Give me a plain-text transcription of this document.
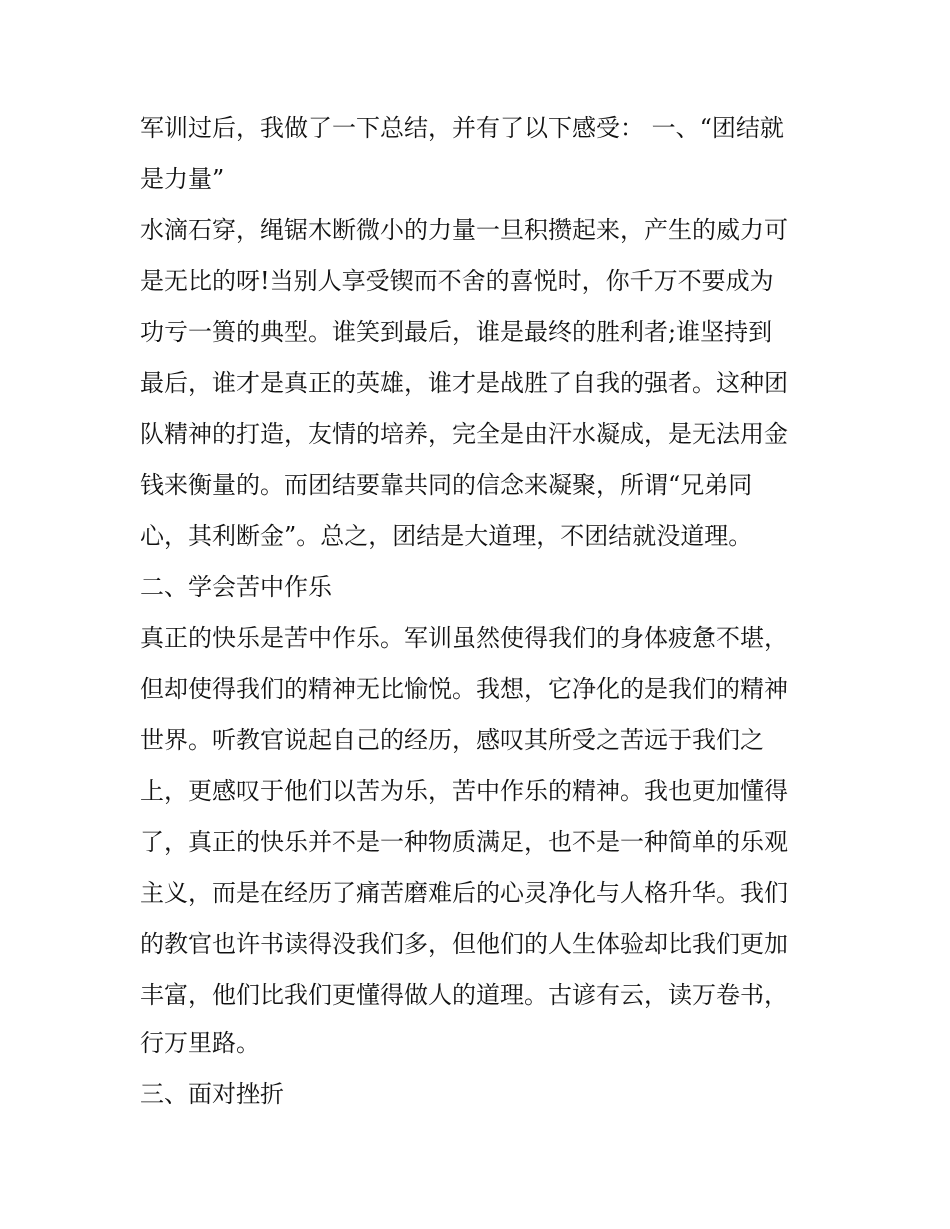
军训过后，我做了一下总结，并有了以下感受： 一、“团结就

是力量”

水滴石穿，绳锯木断微小的力量一旦积攒起来，产生的威力可

是无比的呀!当别人享受锲而不舍的喜悦时，你千万不要成为

功亏一篑的典型。谁笑到最后，谁是最终的胜利者;谁坚持到

最后，谁才是真正的英雄，谁才是战胜了自我的强者。这种团

队精神的打造，友情的培养，完全是由汗水凝成，是无法用金

钱来衡量的。而团结要靠共同的信念来凝聚，所谓“兄弟同

心，其利断金”。总之，团结是大道理，不团结就没道理。

二、学会苦中作乐

真正的快乐是苦中作乐。军训虽然使得我们的身体疲惫不堪，

但却使得我们的精神无比愉悦。我想，它净化的是我们的精神

世界。听教官说起自己的经历，感叹其所受之苦远于我们之

上，更感叹于他们以苦为乐，苦中作乐的精神。我也更加懂得

了，真正的快乐并不是一种物质满足，也不是一种简单的乐观

主义，而是在经历了痛苦磨难后的心灵净化与人格升华。我们

的教官也许书读得没我们多，但他们的人生体验却比我们更加

丰富，他们比我们更懂得做人的道理。古谚有云，读万卷书，

行万里路。

三、面对挫折
